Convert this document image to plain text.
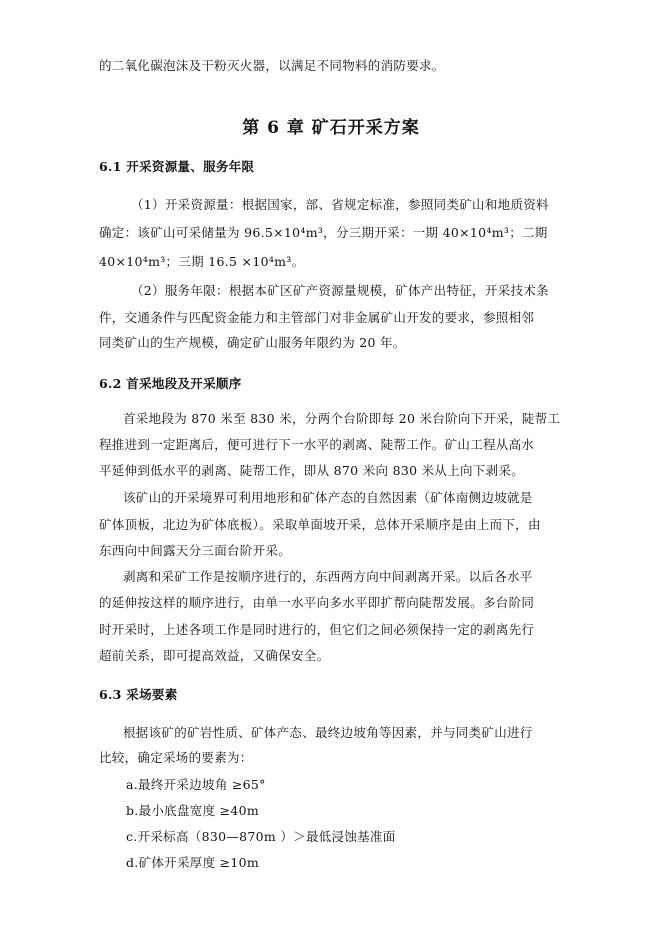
的二氧化碳泡沫及干粉灭火器，以满足不同物料的消防要求。
第 6 章 矿石开采方案
6.1 开采资源量、服务年限
（1）开采资源量：根据国家，部、省规定标准，参照同类矿山和地质资料
确定：该矿山可采储量为 96.5×10⁴m³，分三期开采：一期 40×10⁴m³；二期
40×10⁴m³；三期 16.5 ×10⁴m³。
（2）服务年限：根据本矿区矿产资源量规模，矿体产出特征，开采技术条
件，交通条件与匹配资金能力和主管部门对非金属矿山开发的要求，参照相邻
同类矿山的生产规模，确定矿山服务年限约为 20 年。
6.2 首采地段及开采顺序
首采地段为 870 米至 830 米，分两个台阶即每 20 米台阶向下开采，陡帮工
程推进到一定距离后，便可进行下一水平的剥离、陡帮工作。矿山工程从高水
平延伸到低水平的剥离、陡帮工作，即从 870 米向 830 米从上向下剥采。
该矿山的开采境界可利用地形和矿体产态的自然因素（矿体南侧边坡就是
矿体顶板，北边为矿体底板）。采取单面坡开采，总体开采顺序是由上而下，由
东西向中间露天分三面台阶开采。
剥离和采矿工作是按顺序进行的，东西两方向中间剥离开采。以后各水平
的延伸按这样的顺序进行，由单一水平向多水平即扩帮向陡帮发展。多台阶同
时开采时，上述各项工作是同时进行的，但它们之间必须保持一定的剥离先行
超前关系，即可提高效益，又确保安全。
6.3 采场要素
根据该矿的矿岩性质、矿体产态、最终边坡角等因素，并与同类矿山进行
比较，确定采场的要素为：
a.最终开采边坡角 ≥65°
b.最小底盘宽度 ≥40m
c.开采标高（830—870m ）＞最低浸蚀基准面
d.矿体开采厚度 ≥10m
